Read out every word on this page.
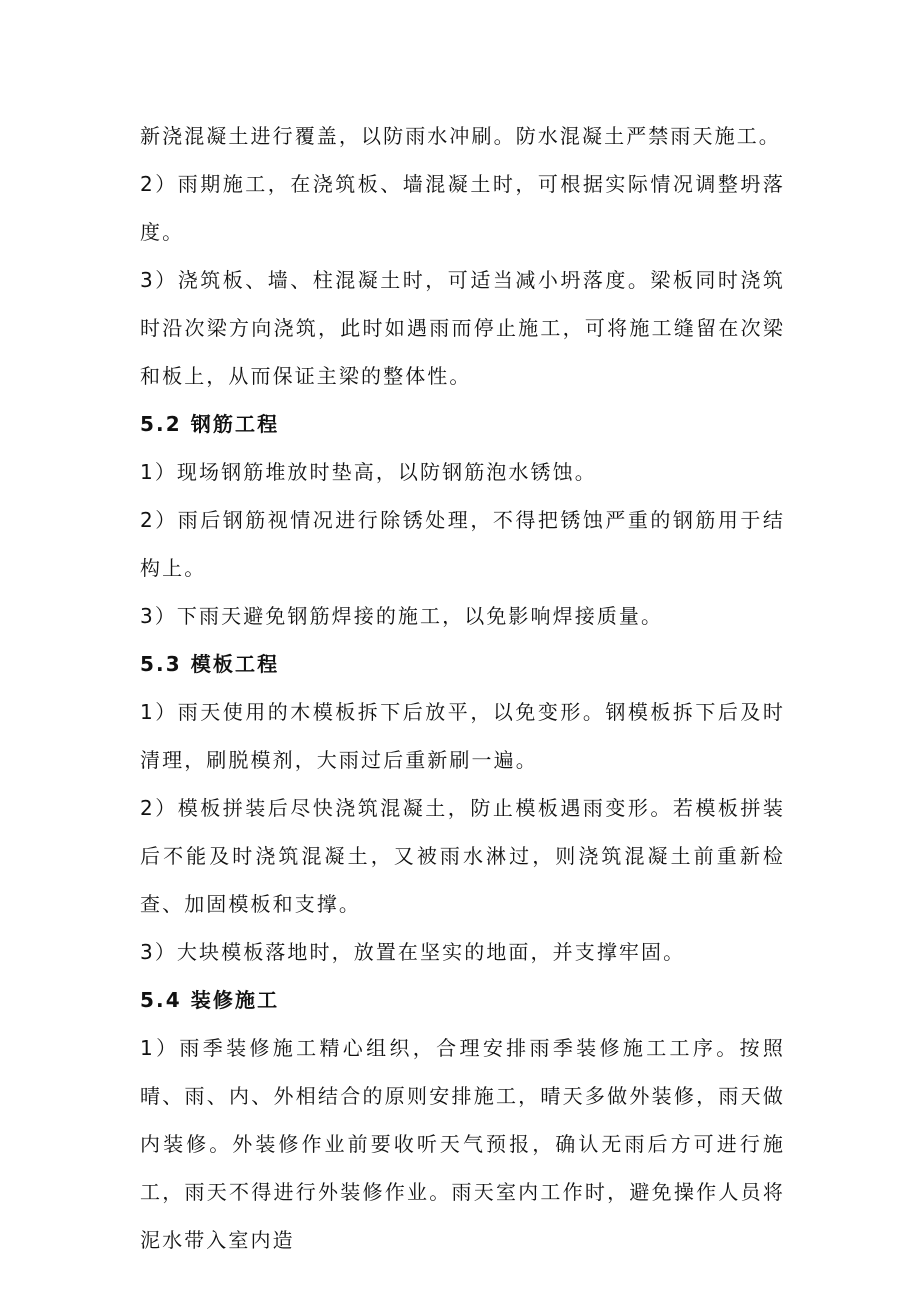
新浇混凝土进行覆盖，以防雨水冲刷。防水混凝土严禁雨天施工。

2）雨期施工，在浇筑板、墙混凝土时，可根据实际情况调整坍落度。

3）浇筑板、墙、柱混凝土时，可适当减小坍落度。梁板同时浇筑时沿次梁方向浇筑，此时如遇雨而停止施工，可将施工缝留在次梁和板上，从而保证主梁的整体性。

5.2 钢筋工程

1）现场钢筋堆放时垫高，以防钢筋泡水锈蚀。

2）雨后钢筋视情况进行除锈处理，不得把锈蚀严重的钢筋用于结构上。

3）下雨天避免钢筋焊接的施工，以免影响焊接质量。

5.3 模板工程

1）雨天使用的木模板拆下后放平，以免变形。钢模板拆下后及时清理，刷脱模剂，大雨过后重新刷一遍。

2）模板拼装后尽快浇筑混凝土，防止模板遇雨变形。若模板拼装后不能及时浇筑混凝土，又被雨水淋过，则浇筑混凝土前重新检查、加固模板和支撑。

3）大块模板落地时，放置在坚实的地面，并支撑牢固。

5.4 装修施工

1）雨季装修施工精心组织，合理安排雨季装修施工工序。按照晴、雨、内、外相结合的原则安排施工，晴天多做外装修，雨天做内装修。外装修作业前要收听天气预报，确认无雨后方可进行施工，雨天不得进行外装修作业。雨天室内工作时，避免操作人员将泥水带入室内造
